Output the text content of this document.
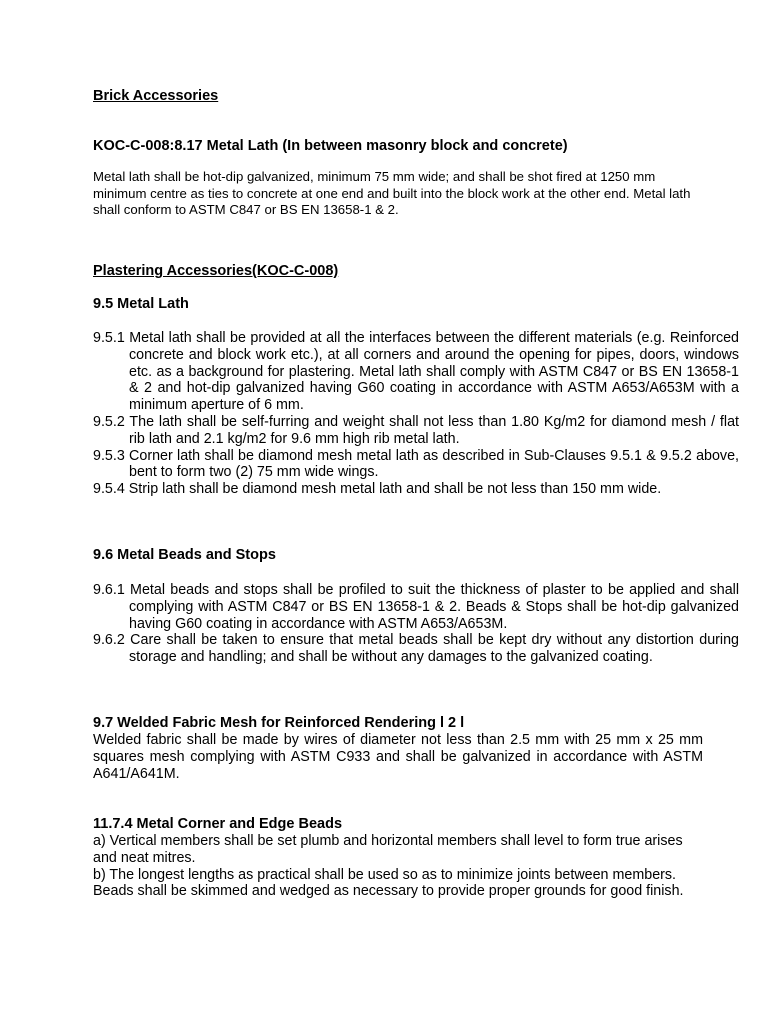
Brick Accessories
KOC-C-008:8.17 Metal Lath (In between masonry block and concrete)
Metal lath shall be hot-dip galvanized, minimum 75 mm wide; and shall be shot fired at 1250 mm minimum centre as ties to concrete at one end and built into the block work at the other end. Metal lath shall conform to ASTM C847 or BS EN 13658-1 & 2.
Plastering Accessories(KOC-C-008)
9.5 Metal Lath

9.5.1 Metal lath shall be provided at all the interfaces between the different materials (e.g. Reinforced concrete and block work etc.), at all corners and around the opening for pipes, doors, windows etc. as a background for plastering. Metal lath shall comply with ASTM C847 or BS EN 13658-1 & 2 and hot-dip galvanized having G60 coating in accordance with ASTM A653/A653M with a minimum aperture of 6 mm.

9.5.2 The lath shall be self-furring and weight shall not less than 1.80 Kg/m2 for diamond mesh / flat rib lath and 2.1 kg/m2 for 9.6 mm high rib metal lath.

9.5.3 Corner lath shall be diamond mesh metal lath as described in Sub-Clauses 9.5.1 & 9.5.2 above, bent to form two (2) 75 mm wide wings.

9.5.4 Strip lath shall be diamond mesh metal lath and shall be not less than 150 mm wide.

9.6 Metal Beads and Stops

9.6.1 Metal beads and stops shall be profiled to suit the thickness of plaster to be applied and shall complying with ASTM C847 or BS EN 13658-1 & 2. Beads & Stops shall be hot-dip galvanized having G60 coating in accordance with ASTM A653/A653M.

9.6.2 Care shall be taken to ensure that metal beads shall be kept dry without any distortion during storage and handling; and shall be without any damages to the galvanized coating.

9.7 Welded Fabric Mesh for Reinforced Rendering l 2 l
Welded fabric shall be made by wires of diameter not less than 2.5 mm with 25 mm x 25 mm squares mesh complying with ASTM C933 and shall be galvanized in accordance with ASTM A641/A641M.
11.7.4 Metal Corner and Edge Beads

a) Vertical members shall be set plumb and horizontal members shall level to form true arises and neat mitres.

b) The longest lengths as practical shall be used so as to minimize joints between members. Beads shall be skimmed and wedged as necessary to provide proper grounds for good finish.
